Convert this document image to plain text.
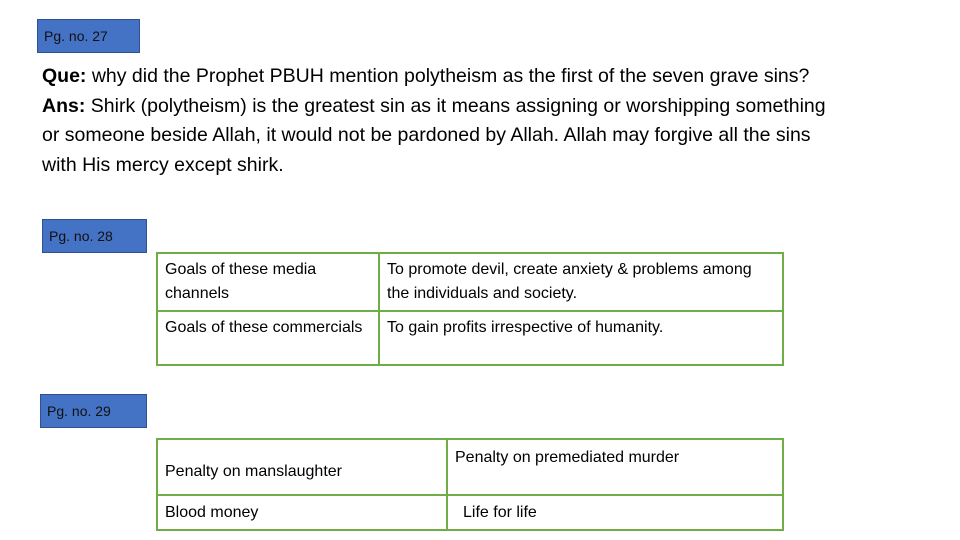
Pg. no. 27
Que: why did the Prophet PBUH mention polytheism as the first of the seven grave sins?
Ans: Shirk (polytheism) is the greatest sin as it means assigning or worshipping something or someone beside Allah, it would not be pardoned by Allah. Allah may forgive all the sins with His mercy except shirk.
Pg. no. 28
Goals of these media channels	To promote devil, create anxiety & problems among the individuals and society.
Goals of these commercials	To gain profits irrespective of humanity.
Pg. no. 29
Penalty on manslaughter	Penalty on premediated murder
Blood money	Life for life
